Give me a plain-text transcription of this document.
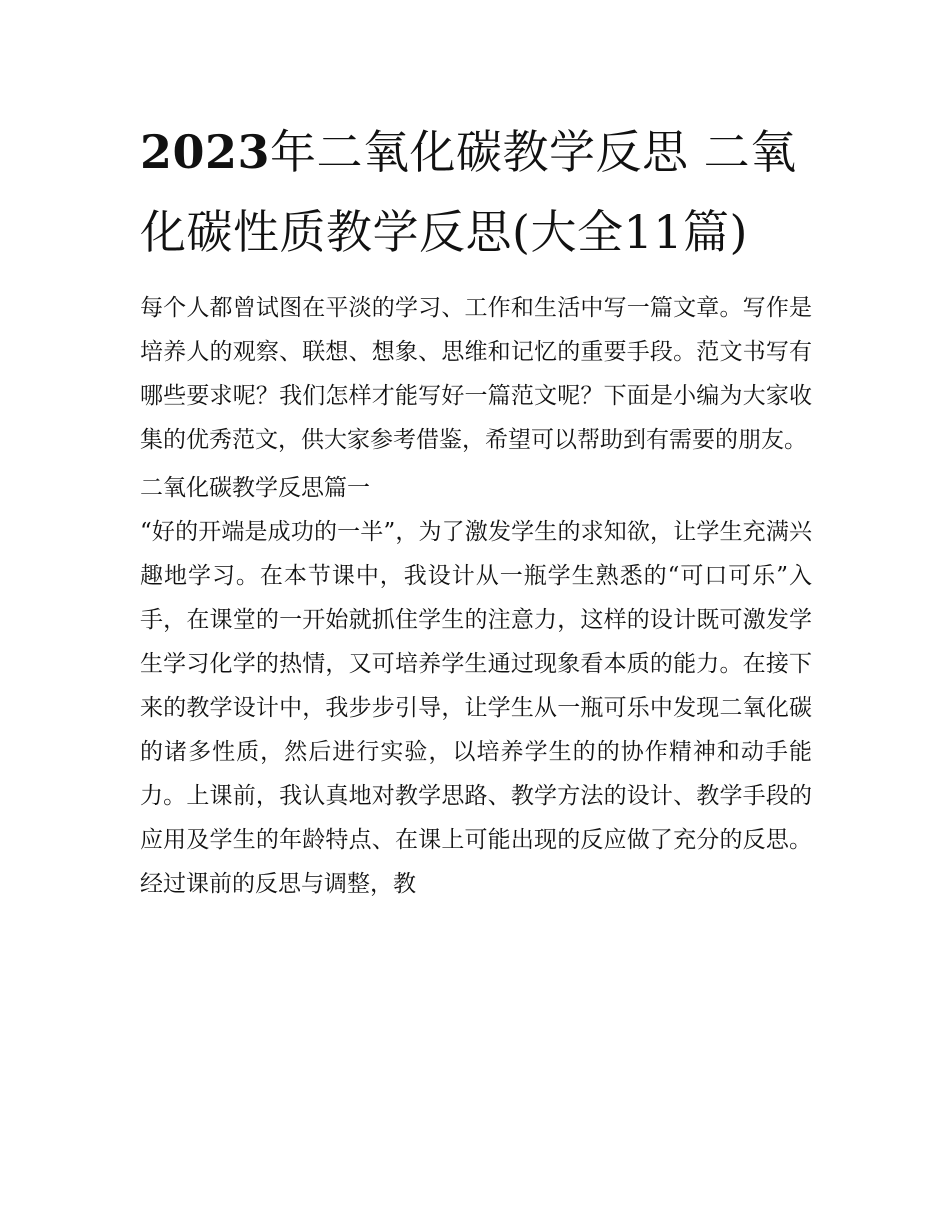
2023年二氧化碳教学反思 二氧化碳性质教学反思(大全11篇)

每个人都曾试图在平淡的学习、工作和生活中写一篇文章。写作是培养人的观察、联想、想象、思维和记忆的重要手段。范文书写有哪些要求呢？我们怎样才能写好一篇范文呢？下面是小编为大家收集的优秀范文，供大家参考借鉴，希望可以帮助到有需要的朋友。

二氧化碳教学反思篇一

“好的开端是成功的一半”，为了激发学生的求知欲，让学生充满兴趣地学习。在本节课中，我设计从一瓶学生熟悉的“可口可乐”入手，在课堂的一开始就抓住学生的注意力，这样的设计既可激发学生学习化学的热情，又可培养学生通过现象看本质的能力。在接下来的教学设计中，我步步引导，让学生从一瓶可乐中发现二氧化碳的诸多性质，然后进行实验，以培养学生的的协作精神和动手能力。上课前，我认真地对教学思路、教学方法的设计、教学手段的应用及学生的年龄特点、在课上可能出现的反应做了充分的反思。经过课前的反思与调整，教
